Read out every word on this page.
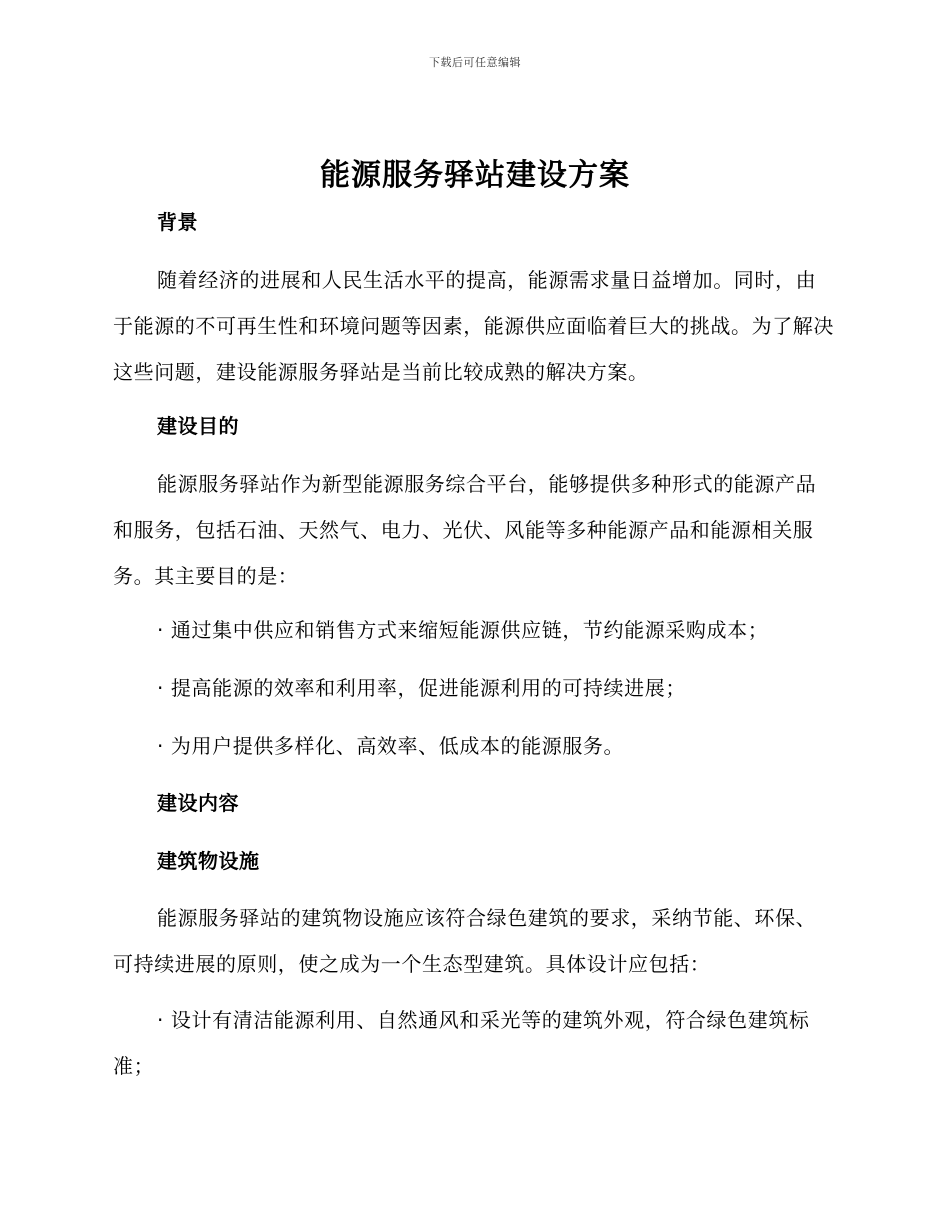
下载后可任意编辑
能源服务驿站建设方案
背景

随着经济的进展和人民生活水平的提高，能源需求量日益增加。同时，由于能源的不可再生性和环境问题等因素，能源供应面临着巨大的挑战。为了解决这些问题，建设能源服务驿站是当前比较成熟的解决方案。

建设目的

能源服务驿站作为新型能源服务综合平台，能够提供多种形式的能源产品和服务，包括石油、天然气、电力、光伏、风能等多种能源产品和能源相关服务。其主要目的是：

· 通过集中供应和销售方式来缩短能源供应链，节约能源采购成本；
· 提高能源的效率和利用率，促进能源利用的可持续进展；
· 为用户提供多样化、高效率、低成本的能源服务。
建设内容
建筑物设施

能源服务驿站的建筑物设施应该符合绿色建筑的要求，采纳节能、环保、可持续进展的原则，使之成为一个生态型建筑。具体设计应包括：

· 设计有清洁能源利用、自然通风和采光等的建筑外观，符合绿色建筑标准；
